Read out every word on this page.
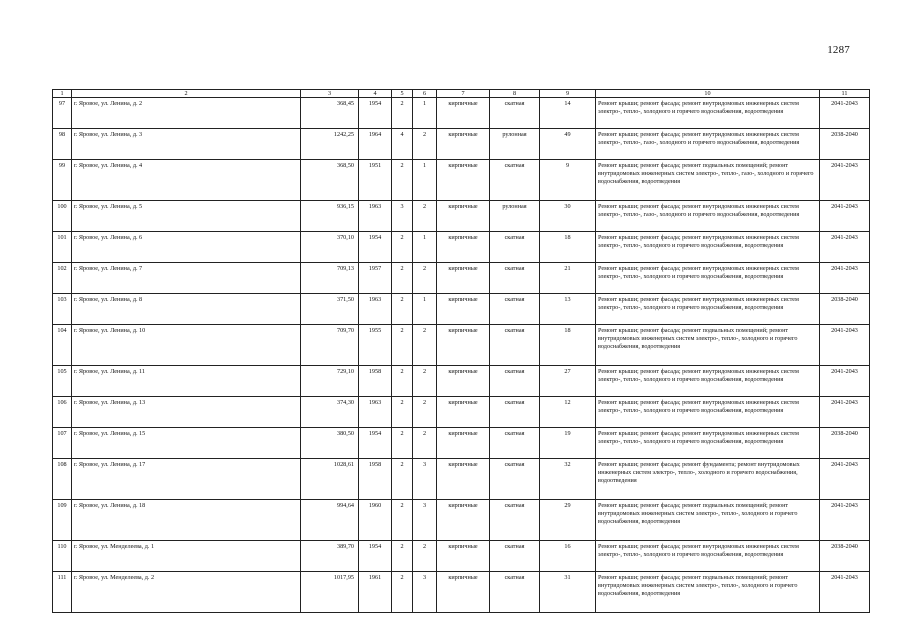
1287
1	2	3	4	5	6	7	8	9	10	11
97	г. Яровое, ул. Ленина, д. 2	368,45	1954	2	1	кирпичные	скатная	14	Ремонт крыши; ремонт фасада; ремонт внутридомовых инженерных систем электро-, тепло-, холодного и горячего водоснабжения, водоотведения	2041-2043
98	г. Яровое, ул. Ленина, д. 3	1242,25	1964	4	2	кирпичные	рулонная	49	Ремонт крыши; ремонт фасада; ремонт внутридомовых инженерных систем электро-, тепло-, газо-, холодного и горячего водоснабжения, водоотведения	2038-2040
99	г. Яровое, ул. Ленина, д. 4	368,50	1951	2	1	кирпичные	скатная	9	Ремонт крыши; ремонт фасада; ремонт подвальных помещений; ремонт внутридомовых инженерных систем электро-, тепло-, газо-, холодного и горячего водоснабжения, водоотведения	2041-2043
100	г. Яровое, ул. Ленина, д. 5	936,15	1963	3	2	кирпичные	рулонная	30	Ремонт крыши; ремонт фасада; ремонт внутридомовых инженерных систем электро-, тепло-, газо-, холодного и горячего водоснабжения, водоотведения	2041-2043
101	г. Яровое, ул. Ленина, д. 6	370,10	1954	2	1	кирпичные	скатная	18	Ремонт крыши; ремонт фасада; ремонт внутридомовых инженерных систем электро-, тепло-, холодного и горячего водоснабжения, водоотведения	2041-2043
102	г. Яровое, ул. Ленина, д. 7	709,13	1957	2	2	кирпичные	скатная	21	Ремонт крыши; ремонт фасада; ремонт внутридомовых инженерных систем электро-, тепло-, холодного и горячего водоснабжения, водоотведения	2041-2043
103	г. Яровое, ул. Ленина, д. 8	371,50	1963	2	1	кирпичные	скатная	13	Ремонт крыши; ремонт фасада; ремонт внутридомовых инженерных систем электро-, тепло-, холодного и горячего водоснабжения, водоотведения	2038-2040
104	г. Яровое, ул. Ленина, д. 10	709,70	1955	2	2	кирпичные	скатная	18	Ремонт крыши; ремонт фасада; ремонт подвальных помещений; ремонт внутридомовых инженерных систем электро-, тепло-, холодного и горячего водоснабжения, водоотведения	2041-2043
105	г. Яровое, ул. Ленина, д. 11	729,10	1958	2	2	кирпичные	скатная	27	Ремонт крыши; ремонт фасада; ремонт внутридомовых инженерных систем электро-, тепло-, холодного и горячего водоснабжения, водоотведения	2041-2043
106	г. Яровое, ул. Ленина, д. 13	374,30	1963	2	2	кирпичные	скатная	12	Ремонт крыши; ремонт фасада; ремонт внутридомовых инженерных систем электро-, тепло-, холодного и горячего водоснабжения, водоотведения	2041-2043
107	г. Яровое, ул. Ленина, д. 15	380,50	1954	2	2	кирпичные	скатная	19	Ремонт крыши; ремонт фасада; ремонт внутридомовых инженерных систем электро-, тепло-, холодного и горячего водоснабжения, водоотведения	2038-2040
108	г. Яровое, ул. Ленина, д. 17	1028,61	1958	2	3	кирпичные	скатная	32	Ремонт крыши; ремонт фасада; ремонт фундамента; ремонт внутридомовых инженерных систем электро-, тепло-, холодного и горячего водоснабжения, водоотведения	2041-2043
109	г. Яровое, ул. Ленина, д. 18	994,64	1960	2	3	кирпичные	скатная	29	Ремонт крыши; ремонт фасада; ремонт подвальных помещений; ремонт внутридомовых инженерных систем электро-, тепло-, холодного и горячего водоснабжения, водоотведения	2041-2043
110	г. Яровое, ул. Менделеева, д. 1	389,70	1954	2	2	кирпичные	скатная	16	Ремонт крыши; ремонт фасада; ремонт внутридомовых инженерных систем электро-, тепло-, холодного и горячего водоснабжения, водоотведения	2038-2040
111	г. Яровое, ул. Менделеева, д. 2	1017,95	1961	2	3	кирпичные	скатная	31	Ремонт крыши; ремонт фасада; ремонт подвальных помещений; ремонт внутридомовых инженерных систем электро-, тепло-, холодного и горячего водоснабжения, водоотведения	2041-2043
